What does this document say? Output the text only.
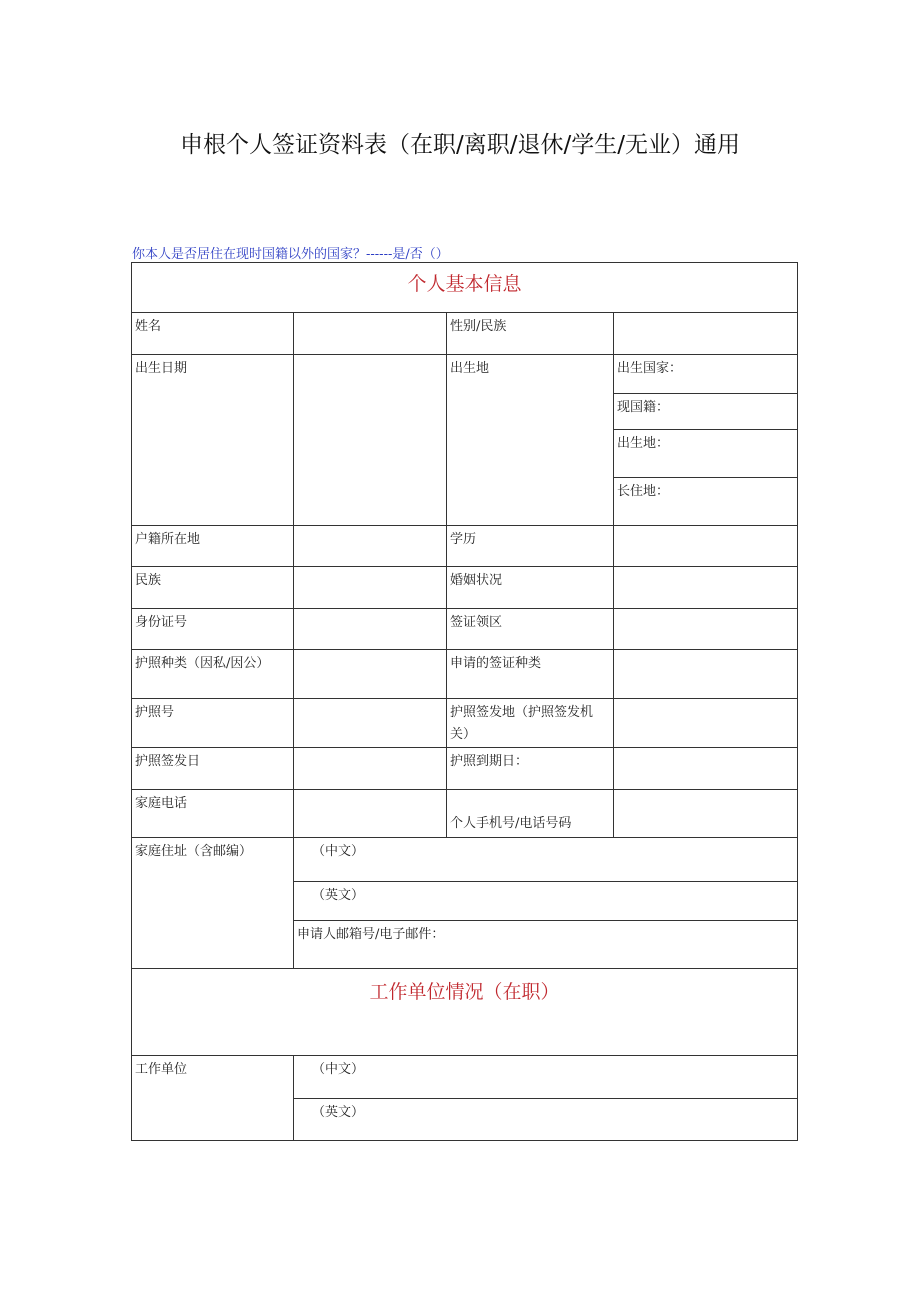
申根个人签证资料表（在职/离职/退休/学生/无业）通用
你本人是否居住在现时国籍以外的国家？------是/否（）
个人基本信息
姓名		性别/民族	
出生日期		出生地		出生国家：
现国籍：
出生地：
长住地：

户籍所在地		学历	
民族		婚姻状况	
身份证号		签证领区	
护照种类（因私/因公）		申请的签证种类	
护照号		护照签发地（护照签发机关）	
护照签发日		护照到期日：	
家庭电话		个人手机号/电话号码	
家庭住址（含邮编）		（中文）
（英文）
申请人邮箱号/电子邮件：

工作单位情况（在职）
工作单位		（中文）
（英文）
